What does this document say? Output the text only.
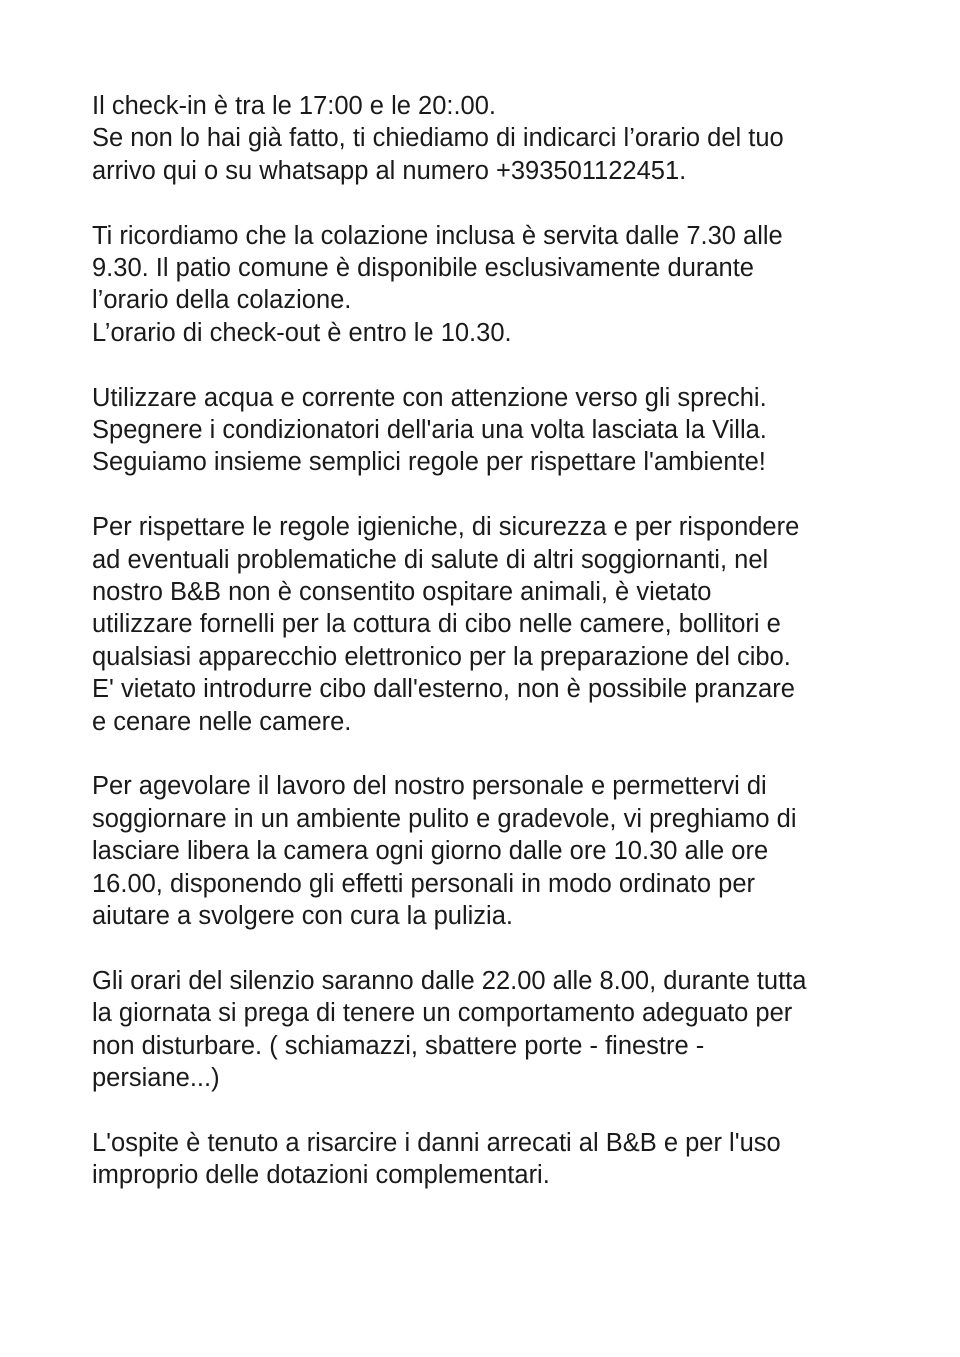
Il check-in è tra le 17:00 e le 20:.00.
Se non lo hai già fatto, ti chiediamo di indicarci l’orario del tuo
arrivo qui o su whatsapp al numero +393501122451.

Ti ricordiamo che la colazione inclusa è servita dalle 7.30 alle
9.30. Il patio comune è disponibile esclusivamente durante
l’orario della colazione.
L’orario di check-out è entro le 10.30.

Utilizzare acqua e corrente con attenzione verso gli sprechi.
Spegnere i condizionatori dell'aria una volta lasciata la Villa.
Seguiamo insieme semplici regole per rispettare l'ambiente!

Per rispettare le regole igieniche, di sicurezza e per rispondere
ad eventuali problematiche di salute di altri soggiornanti, nel
nostro B&B non è consentito ospitare animali, è vietato
utilizzare fornelli per la cottura di cibo nelle camere, bollitori e
qualsiasi apparecchio elettronico per la preparazione del cibo.
E' vietato introdurre cibo dall'esterno, non è possibile pranzare
e cenare nelle camere.

Per agevolare il lavoro del nostro personale e permettervi di
soggiornare in un ambiente pulito e gradevole, vi preghiamo di
lasciare libera la camera ogni giorno dalle ore 10.30 alle ore
16.00, disponendo gli effetti personali in modo ordinato per
aiutare a svolgere con cura la pulizia.

Gli orari del silenzio saranno dalle 22.00 alle 8.00, durante tutta
la giornata si prega di tenere un comportamento adeguato per
non disturbare. ( schiamazzi, sbattere porte - finestre -
persiane...)

L'ospite è tenuto a risarcire i danni arrecati al B&B e per l'uso
improprio delle dotazioni complementari.
